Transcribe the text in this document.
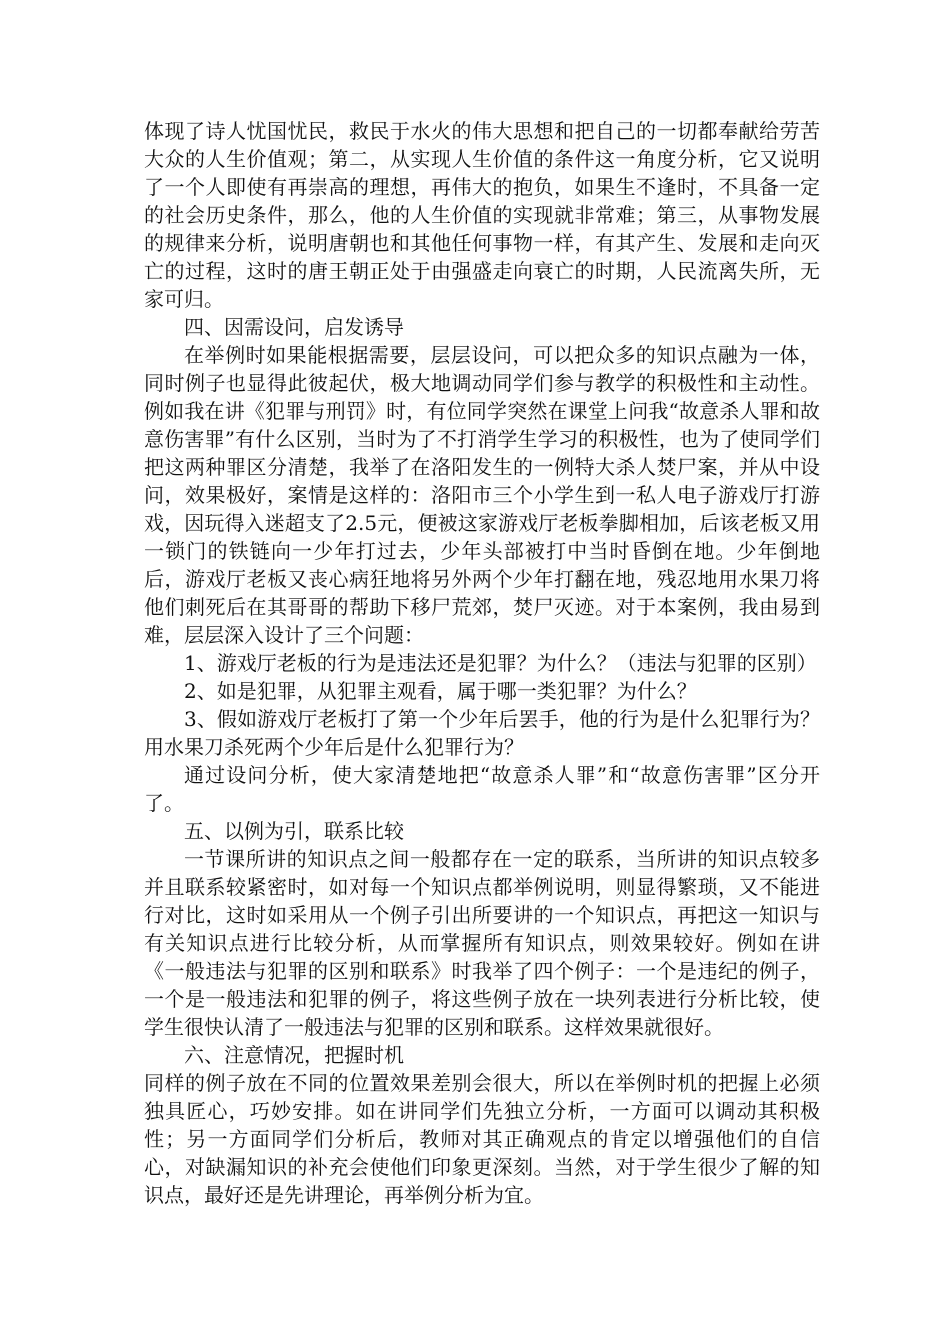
体现了诗人忧国忧民，救民于水火的伟大思想和把自己的一切都奉献给劳苦大众的人生价值观；第二，从实现人生价值的条件这一角度分析，它又说明了一个人即使有再崇高的理想，再伟大的抱负，如果生不逢时，不具备一定的社会历史条件，那么，他的人生价值的实现就非常难；第三，从事物发展的规律来分析，说明唐朝也和其他任何事物一样，有其产生、发展和走向灭亡的过程，这时的唐王朝正处于由强盛走向衰亡的时期，人民流离失所，无家可归。

四、因需设问，启发诱导

在举例时如果能根据需要，层层设问，可以把众多的知识点融为一体，同时例子也显得此彼起伏，极大地调动同学们参与教学的积极性和主动性。例如我在讲《犯罪与刑罚》时，有位同学突然在课堂上问我“故意杀人罪和故意伤害罪”有什么区别，当时为了不打消学生学习的积极性，也为了使同学们把这两种罪区分清楚，我举了在洛阳发生的一例特大杀人焚尸案，并从中设问，效果极好，案情是这样的：洛阳市三个小学生到一私人电子游戏厅打游戏，因玩得入迷超支了2.5元，便被这家游戏厅老板拳脚相加，后该老板又用一锁门的铁链向一少年打过去，少年头部被打中当时昏倒在地。少年倒地后，游戏厅老板又丧心病狂地将另外两个少年打翻在地，残忍地用水果刀将他们刺死后在其哥哥的帮助下移尸荒郊，焚尸灭迹。对于本案例，我由易到难，层层深入设计了三个问题：

1、游戏厅老板的行为是违法还是犯罪？为什么？（违法与犯罪的区别）

2、如是犯罪，从犯罪主观看，属于哪一类犯罪？为什么？

3、假如游戏厅老板打了第一个少年后罢手，他的行为是什么犯罪行为？用水果刀杀死两个少年后是什么犯罪行为？

通过设问分析，使大家清楚地把“故意杀人罪”和“故意伤害罪”区分开了。

五、以例为引，联系比较

一节课所讲的知识点之间一般都存在一定的联系，当所讲的知识点较多并且联系较紧密时，如对每一个知识点都举例说明，则显得繁琐，又不能进行对比，这时如采用从一个例子引出所要讲的一个知识点，再把这一知识与有关知识点进行比较分析，从而掌握所有知识点，则效果较好。例如在讲《一般违法与犯罪的区别和联系》时我举了四个例子：一个是违纪的例子，一个是一般违法和犯罪的例子，将这些例子放在一块列表进行分析比较，使学生很快认清了一般违法与犯罪的区别和联系。这样效果就很好。

六、注意情况，把握时机

同样的例子放在不同的位置效果差别会很大，所以在举例时机的把握上必须独具匠心，巧妙安排。如在讲同学们先独立分析，一方面可以调动其积极性；另一方面同学们分析后，教师对其正确观点的肯定以增强他们的自信心，对缺漏知识的补充会使他们印象更深刻。当然，对于学生很少了解的知识点，最好还是先讲理论，再举例分析为宜。
